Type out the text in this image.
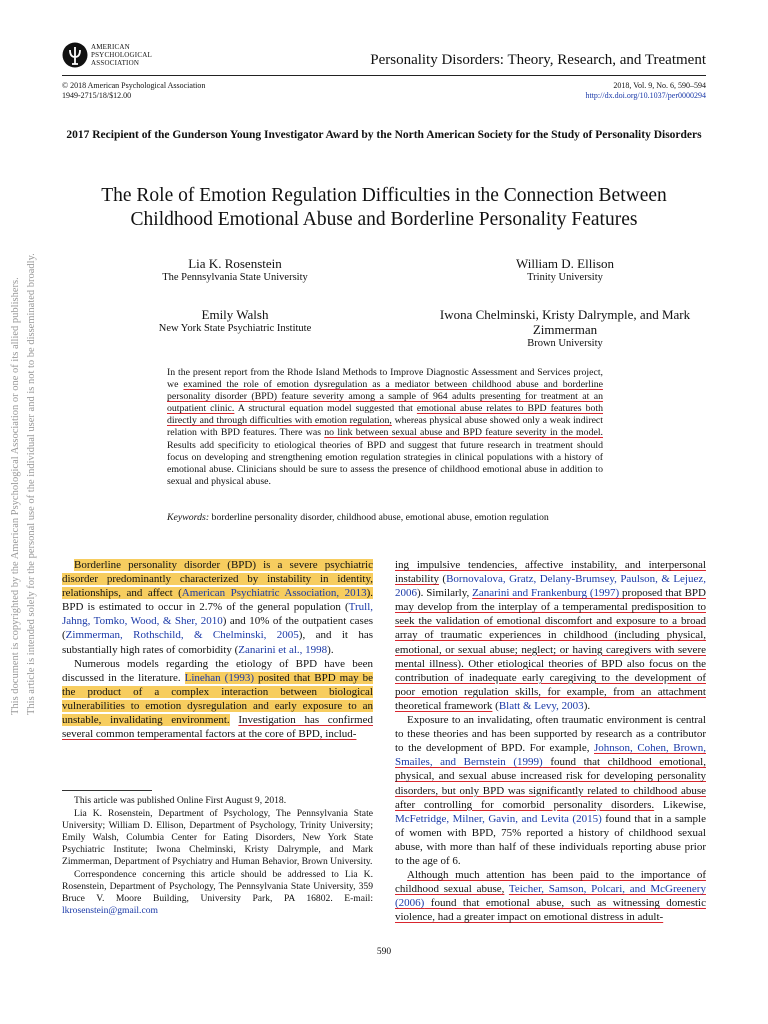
This document is copyrighted by the American Psychological Association or one of its allied publishers. This article is intended solely for the personal use of the individual user and is not to be disseminated broadly.
AMERICAN
PSYCHOLOGICAL
ASSOCIATION	Personality Disorders: Theory, Research, and Treatment
© 2018 American Psychological Association
1949-2715/18/$12.00
2018, Vol. 9, No. 6, 590–594
http://dx.doi.org/10.1037/per0000294
2017 Recipient of the Gunderson Young Investigator Award by the North American Society for the Study of Personality Disorders
The Role of Emotion Regulation Difficulties in the Connection Between Childhood Emotional Abuse and Borderline Personality Features
Lia K. Rosenstein
The Pennsylvania State University
William D. Ellison
Trinity University
Emily Walsh
New York State Psychiatric Institute
Iwona Chelminski, Kristy Dalrymple, and Mark Zimmerman
Brown University
In the present report from the Rhode Island Methods to Improve Diagnostic Assessment and Services project, we examined the role of emotion dysregulation as a mediator between childhood abuse and borderline personality disorder (BPD) feature severity among a sample of 964 adults presenting for treatment at an outpatient clinic. A structural equation model suggested that emotional abuse relates to BPD features both directly and through difficulties with emotion regulation, whereas physical abuse showed only a weak indirect relation with BPD features. There was no link between sexual abuse and BPD feature severity in the model. Results add specificity to etiological theories of BPD and suggest that future research in treatment should focus on developing and strengthening emotion regulation strategies in clinical populations with a history of emotional abuse. Clinicians should be sure to assess the presence of childhood emotional abuse in addition to sexual and physical abuse.
Keywords: borderline personality disorder, childhood abuse, emotional abuse, emotion regulation

Borderline personality disorder (BPD) is a severe psychiatric disorder predominantly characterized by instability in identity, relationships, and affect (American Psychiatric Association, 2013). BPD is estimated to occur in 2.7% of the general population (Trull, Jahng, Tomko, Wood, & Sher, 2010) and 10% of the outpatient cases (Zimmerman, Rothschild, & Chelminski, 2005), and it has substantially high rates of comorbidity (Zanarini et al., 1998).

Numerous models regarding the etiology of BPD have been discussed in the literature. Linehan (1993) posited that BPD may be the product of a complex interaction between biological vulnerabilities to emotion dysregulation and early exposure to an unstable, invalidating environment. Investigation has confirmed several common temperamental factors at the core of BPD, includ-

This article was published Online First August 9, 2018.

Lia K. Rosenstein, Department of Psychology, The Pennsylvania State University; William D. Ellison, Department of Psychology, Trinity University; Emily Walsh, Columbia Center for Eating Disorders, New York State Psychiatric Institute; Iwona Chelminski, Kristy Dalrymple, and Mark Zimmerman, Department of Psychiatry and Human Behavior, Brown University.

Correspondence concerning this article should be addressed to Lia K. Rosenstein, Department of Psychology, The Pennsylvania State University, 359 Bruce V. Moore Building, University Park, PA 16802. E-mail: lkrosenstein@gmail.com

ing impulsive tendencies, affective instability, and interpersonal instability (Bornovalova, Gratz, Delany-Brumsey, Paulson, & Lejuez, 2006). Similarly, Zanarini and Frankenburg (1997) proposed that BPD may develop from the interplay of a temperamental predisposition to seek the validation of emotional discomfort and exposure to a broad array of traumatic experiences in childhood (including physical, emotional, or sexual abuse; neglect; or having caregivers with severe mental illness). Other etiological theories of BPD also focus on the contribution of inadequate early caregiving to the development of poor emotion regulation skills, for example, from an attachment theoretical framework (Blatt & Levy, 2003).

Exposure to an invalidating, often traumatic environment is central to these theories and has been supported by research as a contributor to the development of BPD. For example, Johnson, Cohen, Brown, Smailes, and Bernstein (1999) found that childhood emotional, physical, and sexual abuse increased risk for developing personality disorders, but only BPD was significantly related to childhood abuse after controlling for comorbid personality disorders. Likewise, McFetridge, Milner, Gavin, and Levita (2015) found that in a sample of women with BPD, 75% reported a history of childhood sexual abuse, with more than half of these individuals reporting abuse prior to the age of 6.

Although much attention has been paid to the importance of childhood sexual abuse, Teicher, Samson, Polcari, and McGreenery (2006) found that emotional abuse, such as witnessing domestic violence, had a greater impact on emotional distress in adult-

590
